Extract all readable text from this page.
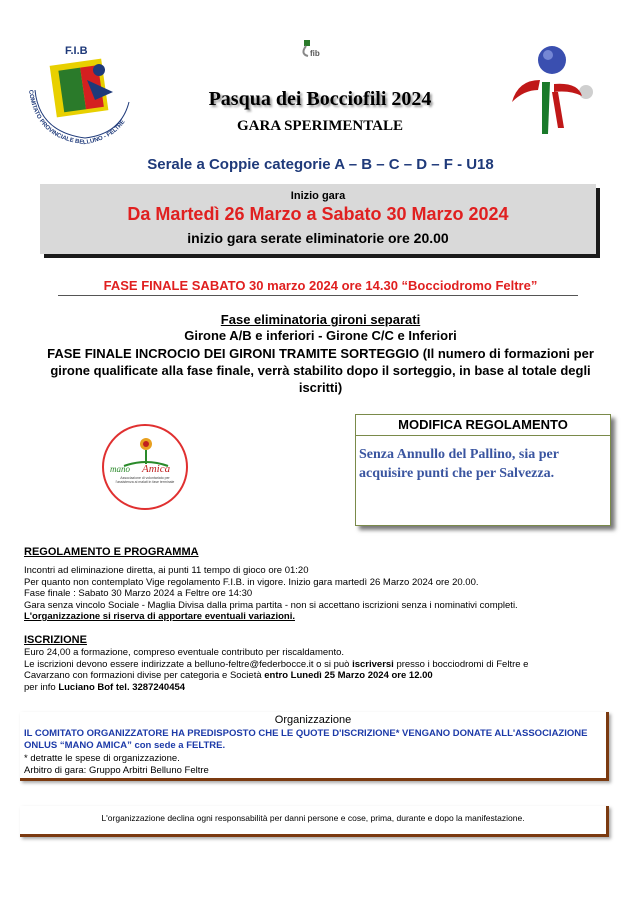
F.I.B
COMITATO PROVINCIALE BELLUNO - FELTRE
fib
Pasqua dei Bocciofili 2024
GARA SPERIMENTALE
Serale a Coppie categorie A – B – C – D – F - U18
Inizio gara
Da Martedì 26 Marzo a Sabato 30 Marzo 2024
inizio gara serate eliminatorie ore 20.00
FASE FINALE SABATO 30 marzo 2024 ore 14.30 “Bocciodromo Feltre”
Fase eliminatoria gironi separati
Girone A/B e inferiori - Girone C/C e Inferiori
FASE FINALE INCROCIO DEI GIRONI TRAMITE SORTEGGIO (Il numero di formazioni per girone qualificate alla fase finale, verrà stabilito dopo il sorteggio, in base al totale degli iscritti)
mano Amica
Associazione di volontariato per l'assistenza ai malati in fase terminale
MODIFICA REGOLAMENTO
Senza Annullo del Pallino, sia per acquisire punti che per Salvezza.
REGOLAMENTO E PROGRAMMA
Incontri ad eliminazione diretta, ai punti 11 tempo di gioco ore 01:20
Per quanto non contemplato Vige regolamento F.I.B. in vigore. Inizio gara martedì 26 Marzo 2024 ore 20.00.
Fase finale : Sabato 30 Marzo 2024 a Feltre ore 14:30
Gara senza vincolo Sociale - Maglia Divisa dalla prima partita - non si accettano iscrizioni senza i nominativi completi.
L'organizzazione si riserva di apportare eventuali variazioni.
ISCRIZIONE
Euro 24,00 a formazione, compreso eventuale contributo per riscaldamento.
Le iscrizioni devono essere indirizzate a belluno-feltre@federbocce.it o si può iscriversi presso i bocciodromi di Feltre e
Cavarzano con formazioni divise per categoria e Società entro Lunedì 25 Marzo 2024 ore 12.00
per info Luciano Bof tel. 3287240454
Organizzazione
IL COMITATO ORGANIZZATORE HA PREDISPOSTO CHE LE QUOTE D'ISCRIZIONE* VENGANO DONATE ALL'ASSOCIAZIONE ONLUS “MANO AMICA” con sede a FELTRE.
* detratte le spese di organizzazione.
Arbitro di gara: Gruppo Arbitri Belluno Feltre
L'organizzazione declina ogni responsabilità per danni persone e cose, prima, durante e dopo la manifestazione.
